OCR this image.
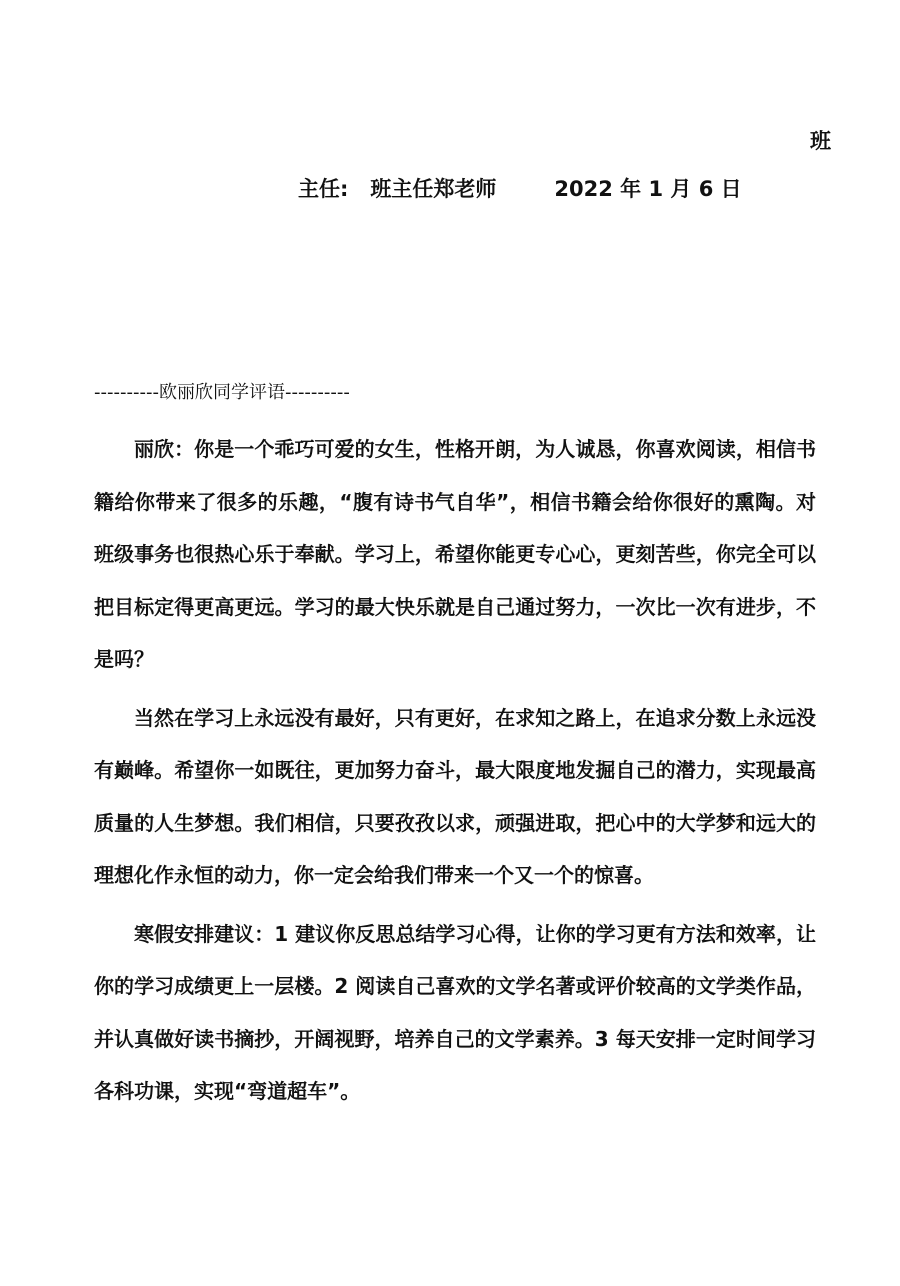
班
主任: 班主任郑老师	2022 年 1 月 6 日
----------欧丽欣同学评语----------

丽欣：你是一个乖巧可爱的女生，性格开朗，为人诚恳，你喜欢阅读，相信书籍给你带来了很多的乐趣，“腹有诗书气自华”，相信书籍会给你很好的熏陶。对班级事务也很热心乐于奉献。学习上，希望你能更专心心，更刻苦些，你完全可以把目标定得更高更远。学习的最大快乐就是自己通过努力，一次比一次有进步，不是吗？

当然在学习上永远没有最好，只有更好，在求知之路上，在追求分数上永远没有巅峰。希望你一如既往，更加努力奋斗，最大限度地发掘自己的潜力，实现最高质量的人生梦想。我们相信，只要孜孜以求，顽强进取，把心中的大学梦和远大的理想化作永恒的动力，你一定会给我们带来一个又一个的惊喜。

寒假安排建议：1 建议你反思总结学习心得，让你的学习更有方法和效率，让你的学习成绩更上一层楼。2 阅读自己喜欢的文学名著或评价较高的文学类作品，并认真做好读书摘抄，开阔视野，培养自己的文学素养。3 每天安排一定时间学习各科功课，实现“弯道超车”。
